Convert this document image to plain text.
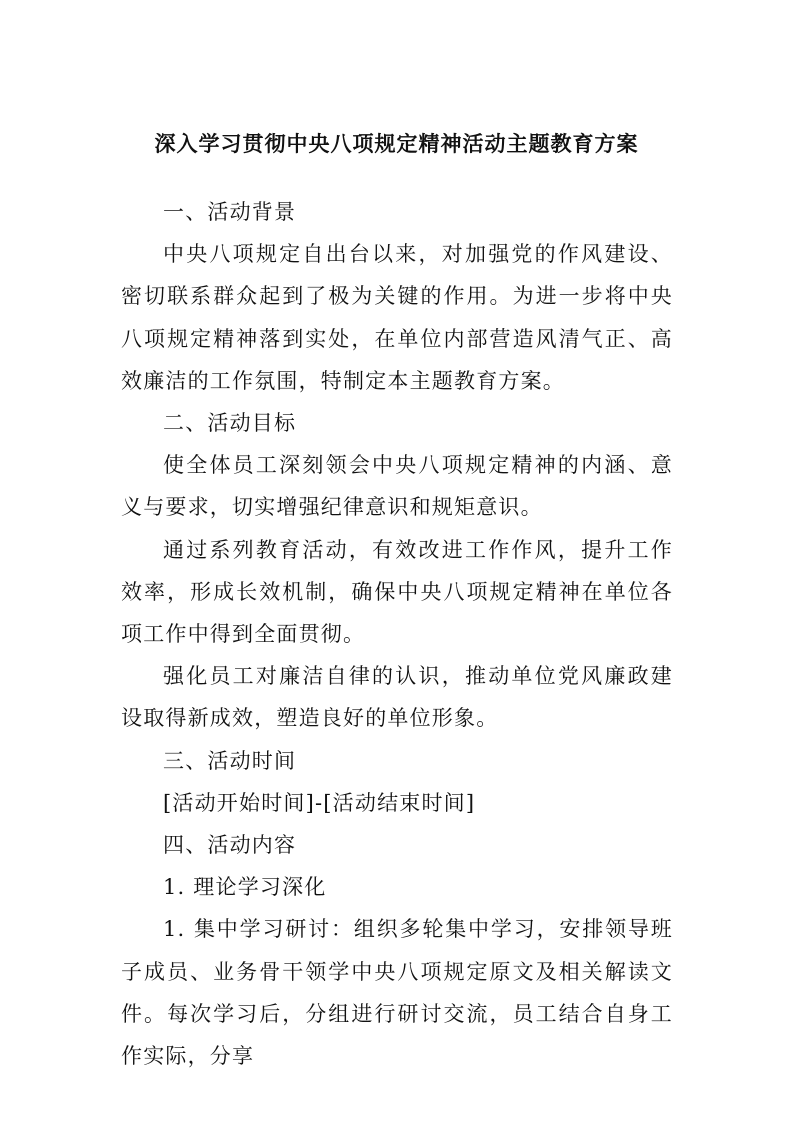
深入学习贯彻中央八项规定精神活动主题教育方案

一、活动背景

中央八项规定自出台以来，对加强党的作风建设、密切联系群众起到了极为关键的作用。为进一步将中央八项规定精神落到实处，在单位内部营造风清气正、高效廉洁的工作氛围，特制定本主题教育方案。

二、活动目标

使全体员工深刻领会中央八项规定精神的内涵、意义与要求，切实增强纪律意识和规矩意识。

通过系列教育活动，有效改进工作作风，提升工作效率，形成长效机制，确保中央八项规定精神在单位各项工作中得到全面贯彻。

强化员工对廉洁自律的认识，推动单位党风廉政建设取得新成效，塑造良好的单位形象。

三、活动时间

[活动开始时间]-[活动结束时间]

四、活动内容

1. 理论学习深化

1. 集中学习研讨：组织多轮集中学习，安排领导班子成员、业务骨干领学中央八项规定原文及相关解读文件。每次学习后，分组进行研讨交流，员工结合自身工作实际，分享
